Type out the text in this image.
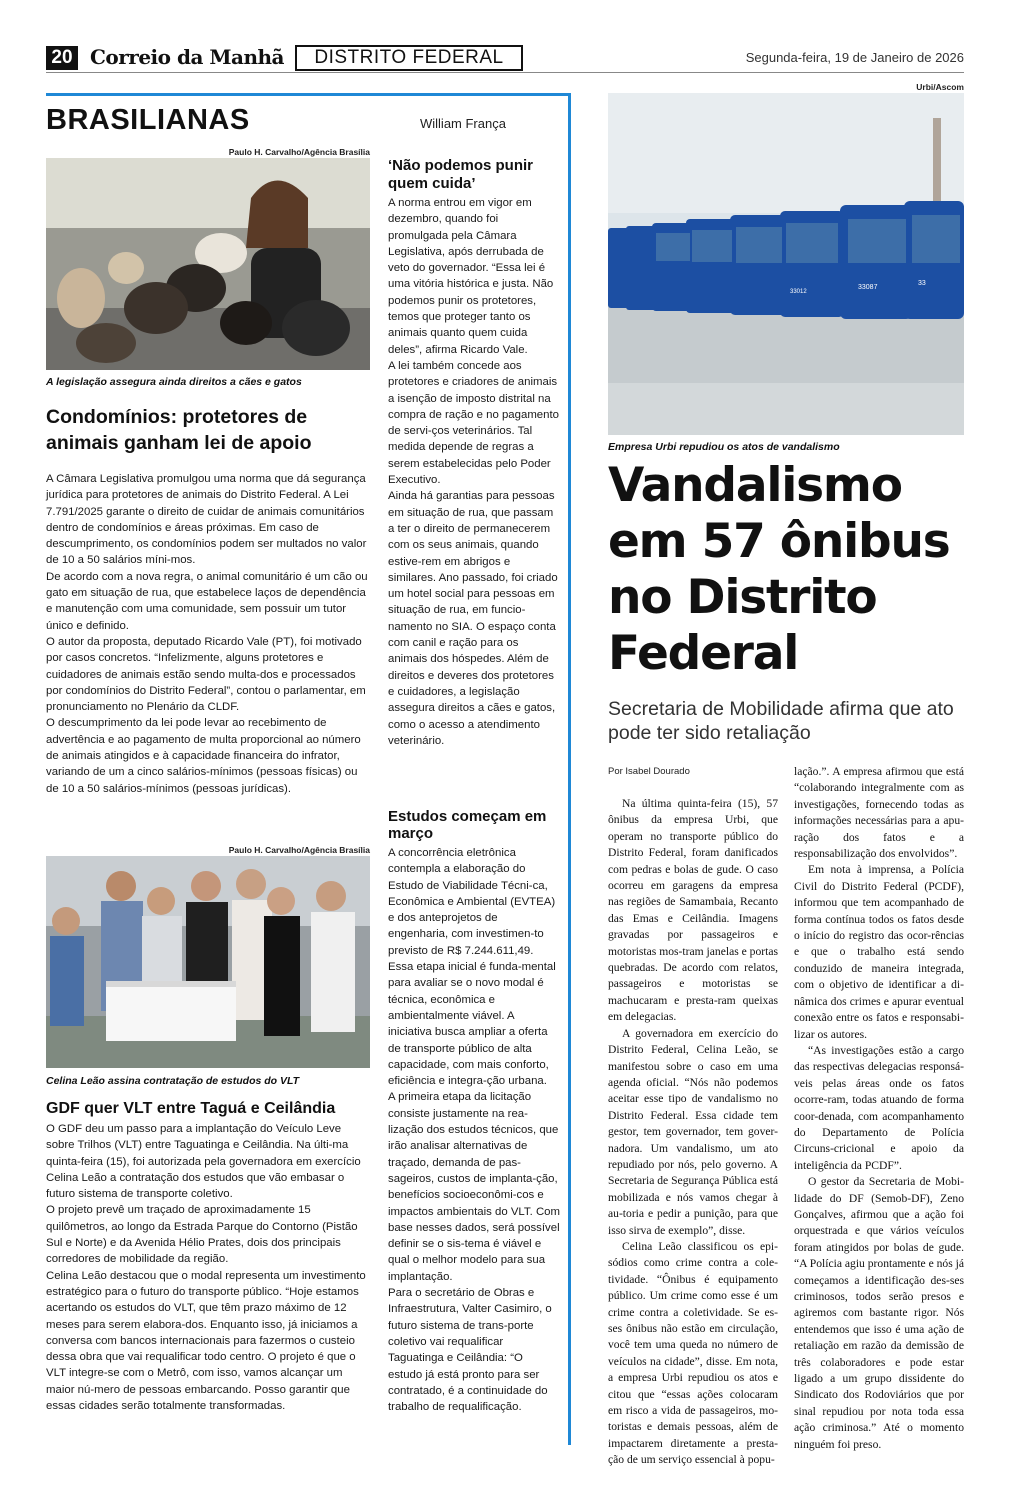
20 Correio da Manhã	DISTRITO FEDERAL	Segunda-feira, 19 de Janeiro de 2026
BRASILIANAS	William França
Paulo H. Carvalho/Agência Brasília
A legislação assegura ainda direitos a cães e gatos
Condomínios: protetores de animais ganham lei de apoio

A Câmara Legislativa promulgou uma norma que dá segurança jurídica para protetores de animais do Distrito Federal. A Lei 7.791/2025 garante o direito de cuidar de animais comunitários dentro de condomínios e áreas próximas. Em caso de descumprimento, os condomínios podem ser multados no valor de 10 a 50 salários míni-mos.

De acordo com a nova regra, o animal comunitário é um cão ou gato em situação de rua, que estabelece laços de dependência e manutenção com uma comunidade, sem possuir um tutor único e definido.

O autor da proposta, deputado Ricardo Vale (PT), foi motivado por casos concretos. “Infelizmente, alguns protetores e cuidadores de animais estão sendo multa-dos e processados por condomínios do Distrito Federal”, contou o parlamentar, em pronunciamento no Plenário da CLDF.

O descumprimento da lei pode levar ao recebimento de advertência e ao pagamento de multa proporcional ao número de animais atingidos e à capacidade financeira do infrator, variando de um a cinco salários-mínimos (pessoas físicas) ou de 10 a 50 salários-mínimos (pessoas jurídicas).

‘Não podemos punir quem cuida’

A norma entrou em vigor em dezembro, quando foi promulgada pela Câmara Legislativa, após derrubada de veto do governador. “Essa lei é uma vitória histórica e justa. Não podemos punir os protetores, temos que proteger tanto os animais quanto quem cuida deles”, afirma Ricardo Vale.

A lei também concede aos protetores e criadores de animais a isenção de imposto distrital na compra de ração e no pagamento de servi-ços veterinários. Tal medida depende de regras a serem estabelecidas pelo Poder Executivo.

Ainda há garantias para pessoas em situação de rua, que passam a ter o direito de permanecerem com os seus animais, quando estive-rem em abrigos e similares. Ano passado, foi criado um hotel social para pessoas em situação de rua, em funcio-namento no SIA. O espaço conta com canil e ração para os animais dos hóspedes. Além de direitos e deveres dos protetores e cuidadores, a legislação assegura direitos a cães e gatos, como o acesso a atendimento veterinário.

Paulo H. Carvalho/Agência Brasília
Celina Leão assina contratação de estudos do VLT
GDF quer VLT entre Taguá e Ceilândia

O GDF deu um passo para a implantação do Veículo Leve sobre Trilhos (VLT) entre Taguatinga e Ceilândia. Na últi-ma quinta-feira (15), foi autorizada pela governadora em exercício Celina Leão a contratação dos estudos que vão embasar o futuro sistema de transporte coletivo.

O projeto prevê um traçado de aproximadamente 15 quilômetros, ao longo da Estrada Parque do Contorno (Pistão Sul e Norte) e da Avenida Hélio Prates, dois dos principais corredores de mobilidade da região.

Celina Leão destacou que o modal representa um investimento estratégico para o futuro do transporte público. “Hoje estamos acertando os estudos do VLT, que têm prazo máximo de 12 meses para serem elabora-dos. Enquanto isso, já iniciamos a conversa com bancos internacionais para fazermos o custeio dessa obra que vai requalificar todo centro. O projeto é que o VLT integre-se com o Metrô, com isso, vamos alcançar um maior nú-mero de pessoas embarcando. Posso garantir que essas cidades serão totalmente transformadas.

Estudos começam em março

A concorrência eletrônica contempla a elaboração do Estudo de Viabilidade Técni-ca, Econômica e Ambiental (EVTEA) e dos anteprojetos de engenharia, com investimen-to previsto de R$ 7.244.611,49. Essa etapa inicial é funda-mental para avaliar se o novo modal é técnica, econômica e ambientalmente viável. A iniciativa busca ampliar a oferta de transporte público de alta capacidade, com mais conforto, eficiência e integra-ção urbana.

A primeira etapa da licitação consiste justamente na rea-lização dos estudos técnicos, que irão analisar alternativas de traçado, demanda de pas-sageiros, custos de implanta-ção, benefícios socioeconômi-cos e impactos ambientais do VLT. Com base nesses dados, será possível definir se o sis-tema é viável e qual o melhor modelo para sua implantação.

Para o secretário de Obras e Infraestrutura, Valter Casimiro, o futuro sistema de trans-porte coletivo vai requalificar Taguatinga e Ceilândia: “O estudo já está pronto para ser contratado, é a continuidade do trabalho de requalificação.

Urbi/Ascom
33012
33087
33
Empresa Urbi repudiou os atos de vandalismo
Vandalismo em 57 ônibus no Distrito Federal
Secretaria de Mobilidade afirma que ato pode ter sido retaliação
Por Isabel Dourado

Na última quinta-feira (15), 57 ônibus da empresa Urbi, que operam no transporte público do Distrito Federal, foram danificados com pedras e bolas de gude. O caso ocorreu em garagens da empresa nas regiões de Samambaia, Recanto das Emas e Ceilândia. Imagens gravadas por passageiros e motoristas mos-tram janelas e portas quebradas. De acordo com relatos, passageiros e motoristas se machucaram e presta-ram queixas em delegacias.

A governadora em exercício do Distrito Federal, Celina Leão, se manifestou sobre o caso em uma agenda oficial. “Nós não podemos aceitar esse tipo de vandalismo no Distrito Federal. Essa cidade tem gestor, tem governador, tem gover-nadora. Um vandalismo, um ato repudiado por nós, pelo governo. A Secretaria de Segurança Pública está mobilizada e nós vamos chegar à au-toria e pedir a punição, para que isso sirva de exemplo”, disse.

Celina Leão classificou os epi-sódios como crime contra a cole-tividade. “Ônibus é equipamento público. Um crime como esse é um crime contra a coletividade. Se es-ses ônibus não estão em circulação, você tem uma queda no número de veículos na cidade”, disse. Em nota, a empresa Urbi repudiou os atos e citou que “essas ações colocaram em risco a vida de passageiros, mo-toristas e demais pessoas, além de impactarem diretamente a presta-ção de um serviço essencial à popu-

lação.”. A empresa afirmou que está “colaborando integralmente com as investigações, fornecendo todas as informações necessárias para a apu-ração dos fatos e a responsabilização dos envolvidos”.

Em nota à imprensa, a Polícia Civil do Distrito Federal (PCDF), informou que tem acompanhado de forma contínua todos os fatos desde o início do registro das ocor-rências e que o trabalho está sendo conduzido de maneira integrada, com o objetivo de identificar a di-nâmica dos crimes e apurar eventual conexão entre os fatos e responsabi-lizar os autores.

“As investigações estão a cargo das respectivas delegacias responsá-veis pelas áreas onde os fatos ocorre-ram, todas atuando de forma coor-denada, com acompanhamento do Departamento de Polícia Circuns-cricional e apoio da inteligência da PCDF”.

O gestor da Secretaria de Mobi-lidade do DF (Semob-DF), Zeno Gonçalves, afirmou que a ação foi orquestrada e que vários veículos foram atingidos por bolas de gude. “A Polícia agiu prontamente e nós já começamos a identificação des-ses criminosos, todos serão presos e agiremos com bastante rigor. Nós entendemos que isso é uma ação de retaliação em razão da demissão de três colaboradores e pode estar ligado a um grupo dissidente do Sindicato dos Rodoviários que por sinal repudiou por nota toda essa ação criminosa.” Até o momento ninguém foi preso.
